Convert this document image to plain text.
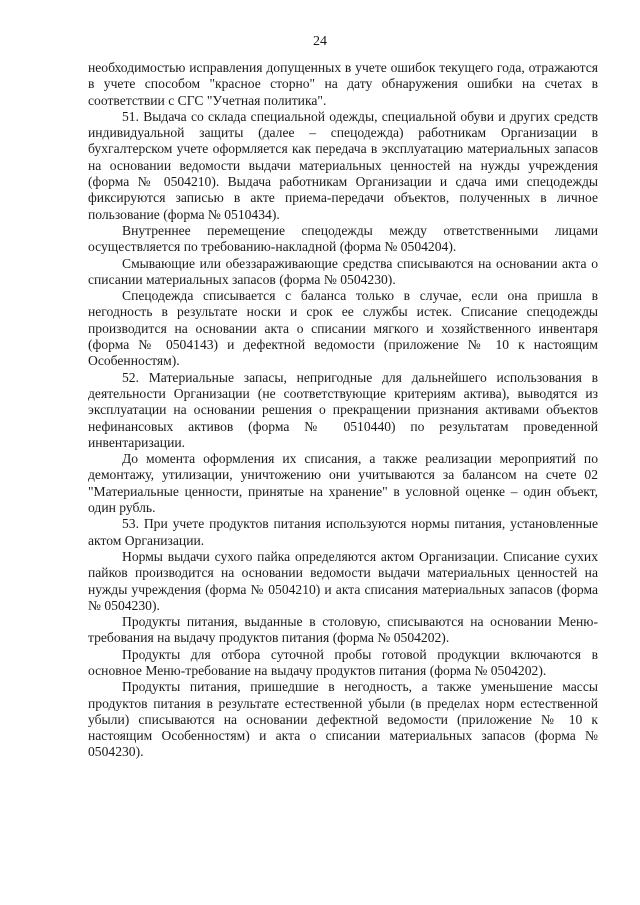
24

необходимостью исправления допущенных в учете ошибок текущего года, отражаются в учете способом "красное сторно" на дату обнаружения ошибки на счетах в соответствии с СГС "Учетная политика".

51. Выдача со склада специальной одежды, специальной обуви и других средств индивидуальной защиты (далее – спецодежда) работникам Организации в бухгалтерском учете оформляется как передача в эксплуатацию материальных запасов на основании ведомости выдачи материальных ценностей на нужды учреждения (форма № 0504210). Выдача работникам Организации и сдача ими спецодежды фиксируются записью в акте приема-передачи объектов, полученных в личное пользование (форма № 0510434).

Внутреннее перемещение спецодежды между ответственными лицами осуществляется по требованию-накладной (форма № 0504204).

Смывающие или обеззараживающие средства списываются на основании акта о списании материальных запасов (форма № 0504230).

Спецодежда списывается с баланса только в случае, если она пришла в негодность в результате носки и срок ее службы истек. Списание спецодежды производится на основании акта о списании мягкого и хозяйственного инвентаря (форма № 0504143) и дефектной ведомости (приложение № 10 к настоящим Особенностям).

52. Материальные запасы, непригодные для дальнейшего использования в деятельности Организации (не соответствующие критериям актива), выводятся из эксплуатации на основании решения о прекращении признания активами объектов нефинансовых активов (форма № 0510440) по результатам проведенной инвентаризации.

До момента оформления их списания, а также реализации мероприятий по демонтажу, утилизации, уничтожению они учитываются за балансом на счете 02 "Материальные ценности, принятые на хранение" в условной оценке – один объект, один рубль.

53. При учете продуктов питания используются нормы питания, установленные актом Организации.

Нормы выдачи сухого пайка определяются актом Организации. Списание сухих пайков производится на основании ведомости выдачи материальных ценностей на нужды учреждения (форма № 0504210) и акта списания материальных запасов (форма № 0504230).

Продукты питания, выданные в столовую, списываются на основании Меню-требования на выдачу продуктов питания (форма № 0504202).

Продукты для отбора суточной пробы готовой продукции включаются в основное Меню-требование на выдачу продуктов питания (форма № 0504202).

Продукты питания, пришедшие в негодность, а также уменьшение массы продуктов питания в результате естественной убыли (в пределах норм естественной убыли) списываются на основании дефектной ведомости (приложение № 10 к настоящим Особенностям) и акта о списании материальных запасов (форма № 0504230).
